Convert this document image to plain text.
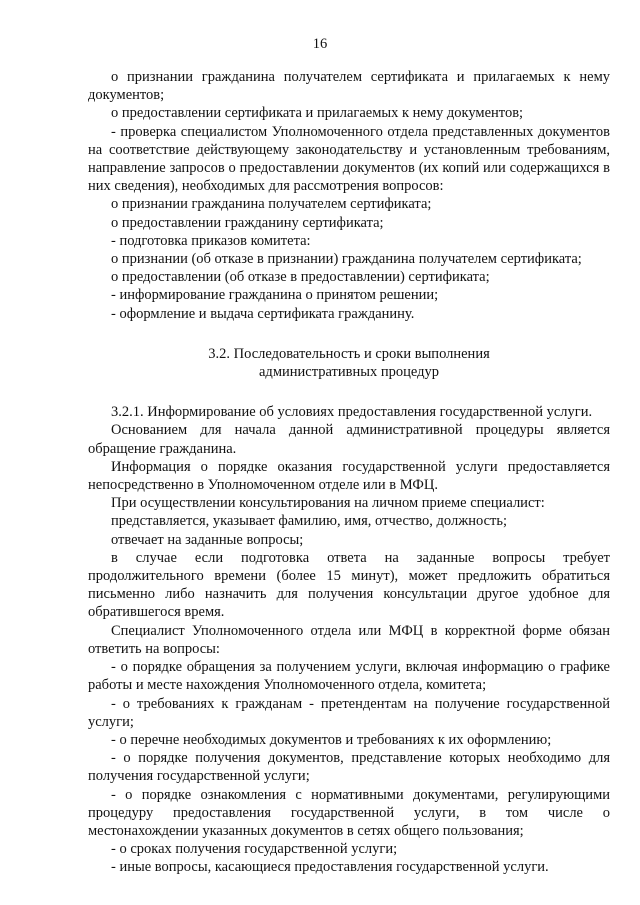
16

о признании гражданина получателем сертификата и прилагаемых к нему документов;

о предоставлении сертификата и прилагаемых к нему документов;

- проверка специалистом Уполномоченного отдела представленных документов на соответствие действующему законодательству и установленным требованиям, направление запросов о предоставлении документов (их копий или содержащихся в них сведения), необходимых для рассмотрения вопросов:

о признании гражданина получателем сертификата;

о предоставлении гражданину сертификата;

- подготовка приказов комитета:

о признании (об отказе в признании) гражданина получателем сертификата;

о предоставлении (об отказе в предоставлении) сертификата;

- информирование гражданина о принятом решении;

- оформление и выдача сертификата гражданину.

3.2. Последовательность и сроки выполнения
административных процедур

3.2.1. Информирование об условиях предоставления государственной услуги.

Основанием для начала данной административной процедуры является обращение гражданина.

Информация о порядке оказания государственной услуги предоставляется непосредственно в Уполномоченном отделе или в МФЦ.

При осуществлении консультирования на личном приеме специалист:

представляется, указывает фамилию, имя, отчество, должность;

отвечает на заданные вопросы;

в случае если подготовка ответа на заданные вопросы требует продолжительного времени (более 15 минут), может предложить обратиться письменно либо назначить для получения консультации другое удобное для обратившегося время.

Специалист Уполномоченного отдела или МФЦ в корректной форме обязан ответить на вопросы:

- о порядке обращения за получением услуги, включая информацию о графике работы и месте нахождения Уполномоченного отдела, комитета;

- о требованиях к гражданам - претендентам на получение государственной услуги;

- о перечне необходимых документов и требованиях к их оформлению;

- о порядке получения документов, представление которых необходимо для получения государственной услуги;

- о порядке ознакомления с нормативными документами, регулирующими процедуру предоставления государственной услуги, в том числе о местонахождении указанных документов в сетях общего пользования;

- о сроках получения государственной услуги;

- иные вопросы, касающиеся предоставления государственной услуги.
